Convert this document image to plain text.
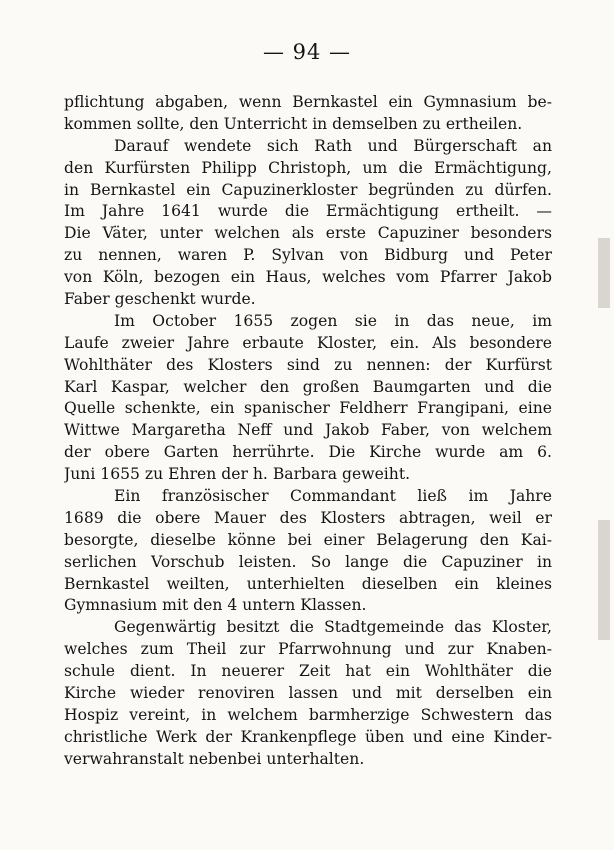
— 94 —
pflichtung abgaben, wenn Bernkastel ein Gymnasium be-
kommen sollte, den Unterricht in demselben zu ertheilen.
Darauf wendete sich Rath und Bürgerschaft an
den Kurfürsten Philipp Christoph, um die Ermächtigung,
in Bernkastel ein Capuzinerkloster begründen zu dürfen.
Im Jahre 1641 wurde die Ermächtigung ertheilt. —
Die Väter, unter welchen als erste Capuziner besonders
zu nennen, waren P. Sylvan von Bidburg und Peter
von Köln, bezogen ein Haus, welches vom Pfarrer Jakob
Faber geschenkt wurde.
Im October 1655 zogen sie in das neue, im
Laufe zweier Jahre erbaute Kloster, ein. Als besondere
Wohlthäter des Klosters sind zu nennen: der Kurfürst
Karl Kaspar, welcher den großen Baumgarten und die
Quelle schenkte, ein spanischer Feldherr Frangipani, eine
Wittwe Margaretha Neff und Jakob Faber, von welchem
der obere Garten herrührte. Die Kirche wurde am 6.
Juni 1655 zu Ehren der h. Barbara geweiht.
Ein französischer Commandant ließ im Jahre
1689 die obere Mauer des Klosters abtragen, weil er
besorgte, dieselbe könne bei einer Belagerung den Kai-
serlichen Vorschub leisten. So lange die Capuziner in
Bernkastel weilten, unterhielten dieselben ein kleines
Gymnasium mit den 4 untern Klassen.
Gegenwärtig besitzt die Stadtgemeinde das Kloster,
welches zum Theil zur Pfarrwohnung und zur Knaben-
schule dient. In neuerer Zeit hat ein Wohlthäter die
Kirche wieder renoviren lassen und mit derselben ein
Hospiz vereint, in welchem barmherzige Schwestern das
christliche Werk der Krankenpflege üben und eine Kinder-
verwahranstalt nebenbei unterhalten.
